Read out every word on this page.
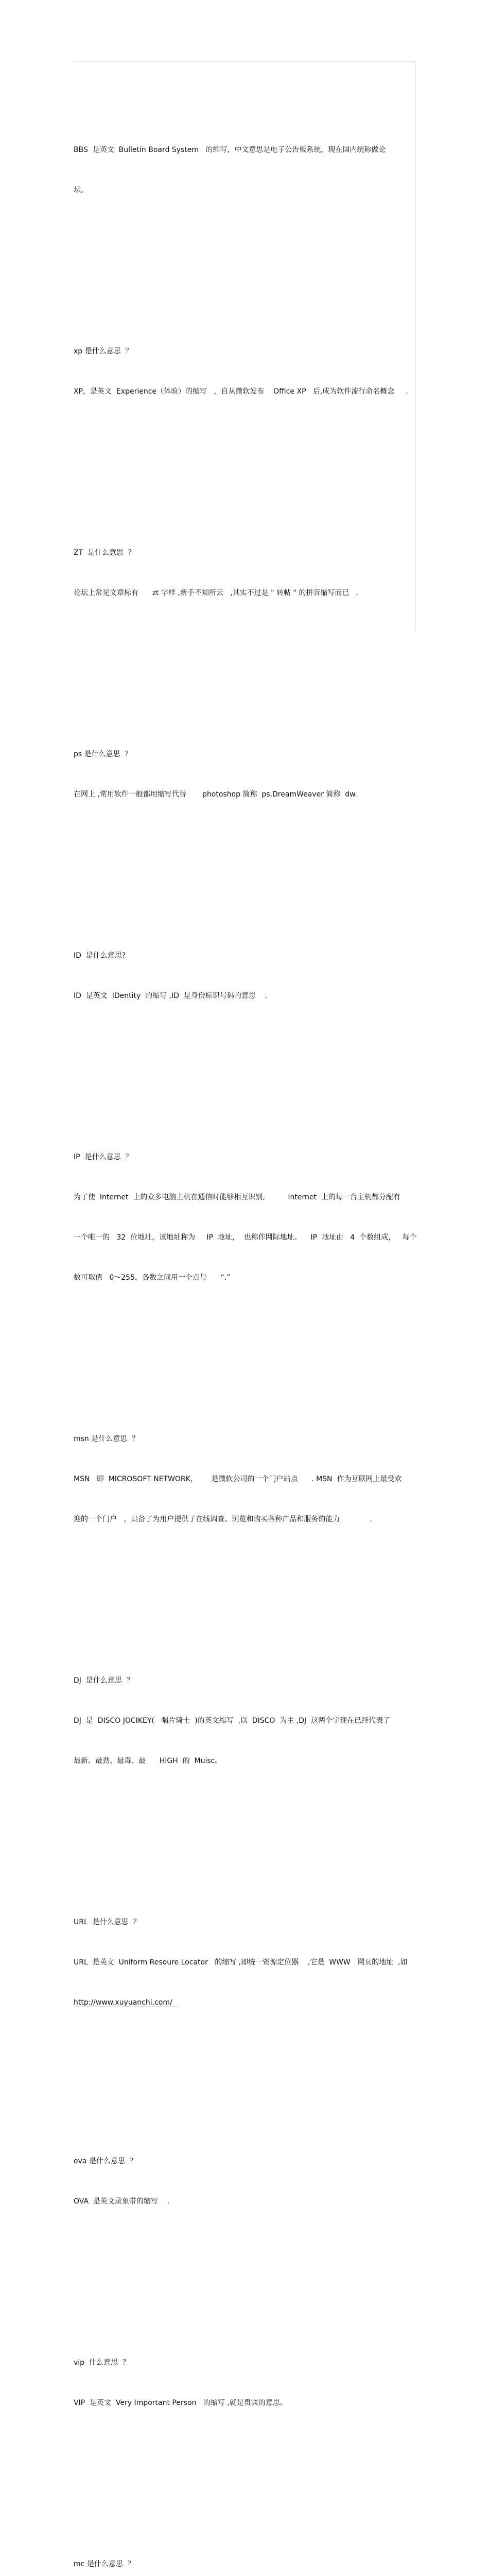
BBS  是英文  Bulletin Board System   的缩写，中文意思是电子公告板系统，现在国内统称做论

坛。

xp 是什么意思  ？

XP，是英文  Experience（体验）的缩写   ，自从微软发布    Office XP   后,成为软件流行命名概念     .

ZT  是什么意思  ？

论坛上常见文章标有      zt 字样 ,新手不知所云   ,其实不过是 " 转帖 " 的拼音缩写而已   .

ps 是什么意思  ？

在网上 ,常用软件一般都用缩写代替       photoshop 简称  ps,DreamWeaver 简称  dw.

ID  是什么意思?

ID  是英文  IDentity  的缩写 ,ID  是身份标识号码的意思    .

IP  是什么意思  ？

为了使  Internet  上的众多电脑主机在通信时能够相互识别,          Internet  上的每一台主机都分配有

一个唯一的   32  位地址，该地址称为     IP  地址，  也称作网际地址。    IP  地址由   4  个数组成，   每个

数可取值   0～255，各数之间用一个点号      “.”

msn 是什么意思  ？

MSN   即  MICROSOFT NETWORK，      是微软公司的一个门户站点      . MSN  作为互联网上最受欢

迎的一个门户   ，具备了为用户提供了在线调查、浏览和购买各种产品和服务的能力             .

DJ  是什么意思  ？

DJ  是  DISCO JOCIKEY(   唱片骑士  )的英文缩写  ,以  DISCO  为主 ,DJ  这两个字现在已经代表了

最新、最劲、最毒、最      HIGH  的  Muisc。

URL  是什么意思  ？

URL  是英文  Uniform Resoure Locator   的缩写 ,即统一资源定位器    ,它是  WWW   网页的地址  ,如

http://www.xuyuanchi.com/

ova 是什么意思  ？

OVA  是英文录象带的缩写    .

vip  什么意思  ？

VIP  是英文  Very Important Person   的缩写 ,就是贵宾的意思。

mc 是什么意思  ？
